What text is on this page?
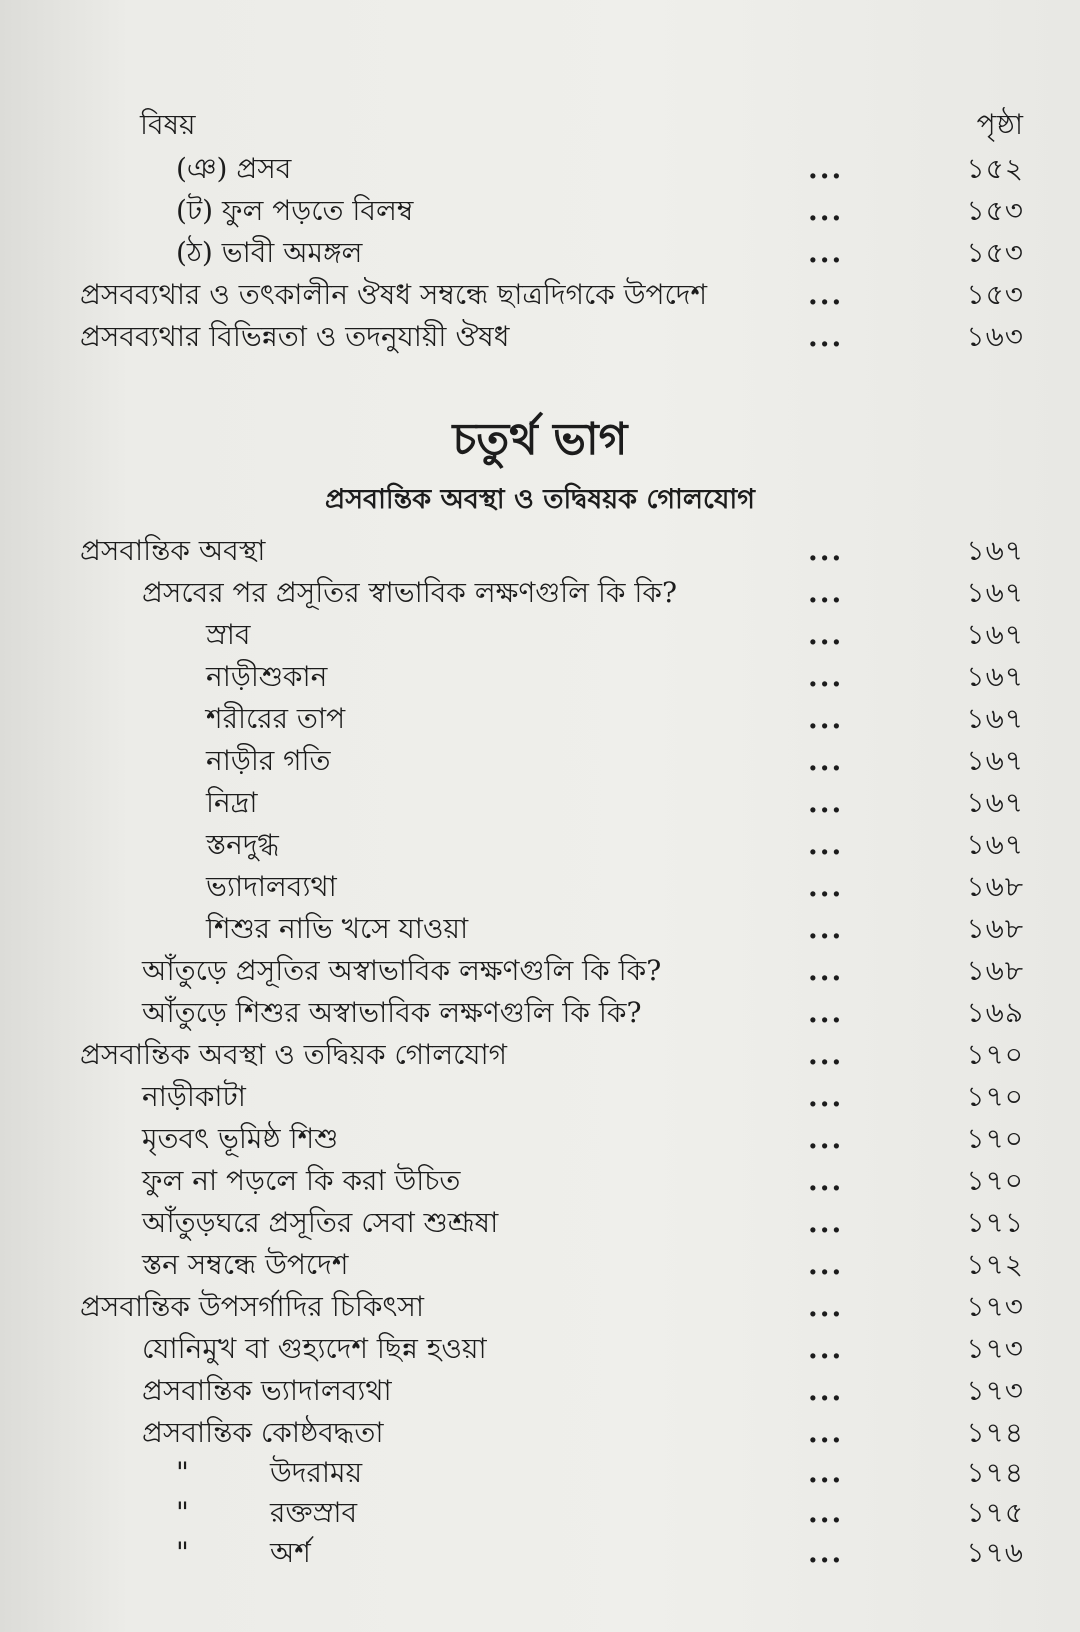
বিষয়	পৃষ্ঠা
(ঞ) প্রসব	...	১৫২
(ট) ফুল পড়তে বিলম্ব	...	১৫৩
(ঠ) ভাবী অমঙ্গল	...	১৫৩
প্রসবব্যথার ও তৎকালীন ঔষধ সম্বন্ধে ছাত্রদিগকে উপদেশ	...	১৫৩
প্রসবব্যথার বিভিন্নতা ও তদনুযায়ী ঔষধ	...	১৬৩
চতুর্থ ভাগ
প্রসবান্তিক অবস্থা ও তদ্বিষয়ক গোলযোগ
প্রসবান্তিক অবস্থা	...	১৬৭
প্রসবের পর প্রসূতির স্বাভাবিক লক্ষণগুলি কি কি?	...	১৬৭
স্রাব	...	১৬৭
নাড়ীশুকান	...	১৬৭
শরীরের তাপ	...	১৬৭
নাড়ীর গতি	...	১৬৭
নিদ্রা	...	১৬৭
স্তনদুগ্ধ	...	১৬৭
ভ্যাদালব্যথা	...	১৬৮
শিশুর নাভি খসে যাওয়া	...	১৬৮
আঁতুড়ে প্রসূতির অস্বাভাবিক লক্ষণগুলি কি কি?	...	১৬৮
আঁতুড়ে শিশুর অস্বাভাবিক লক্ষণগুলি কি কি?	...	১৬৯
প্রসবান্তিক অবস্থা ও তদ্বিয়ক গোলযোগ	...	১৭০
নাড়ীকাটা	...	১৭০
মৃতবৎ ভূমিষ্ঠ শিশু	...	১৭০
ফুল না পড়লে কি করা উচিত	...	১৭০
আঁতুড়ঘরে প্রসূতির সেবা শুশ্রূষা	...	১৭১
স্তন সম্বন্ধে উপদেশ	...	১৭২
প্রসবান্তিক উপসর্গাদির চিকিৎসা	...	১৭৩
যোনিমুখ বা গুহ্যদেশ ছিন্ন হওয়া	...	১৭৩
প্রসবান্তিক ভ্যাদালব্যথা	...	১৭৩
প্রসবান্তিক কোষ্ঠবদ্ধতা	...	১৭৪
"	উদরাময়	...	১৭৪
"	রক্তস্রাব	...	১৭৫
"	অর্শ	...	১৭৬
